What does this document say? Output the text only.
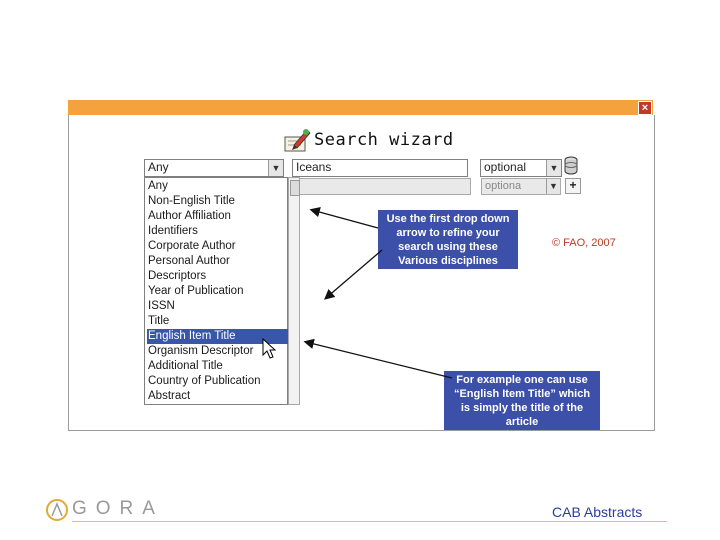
×
Search wizard
Any	▼	Iceans	optional	▼
optiona	▼ +
Any
Non-English Title
Author Affiliation
Identifiers
Corporate Author
Personal Author
Descriptors
Year of Publication
ISSN
Title
English Item Title
Organism Descriptor
Additional Title
Country of Publication
Abstract
Use the first drop down arrow to refine your search using these Various disciplines
For example one can use “English Item Title” which is simply the title of the article
© FAO, 2007
GORA	CAB Abstracts
